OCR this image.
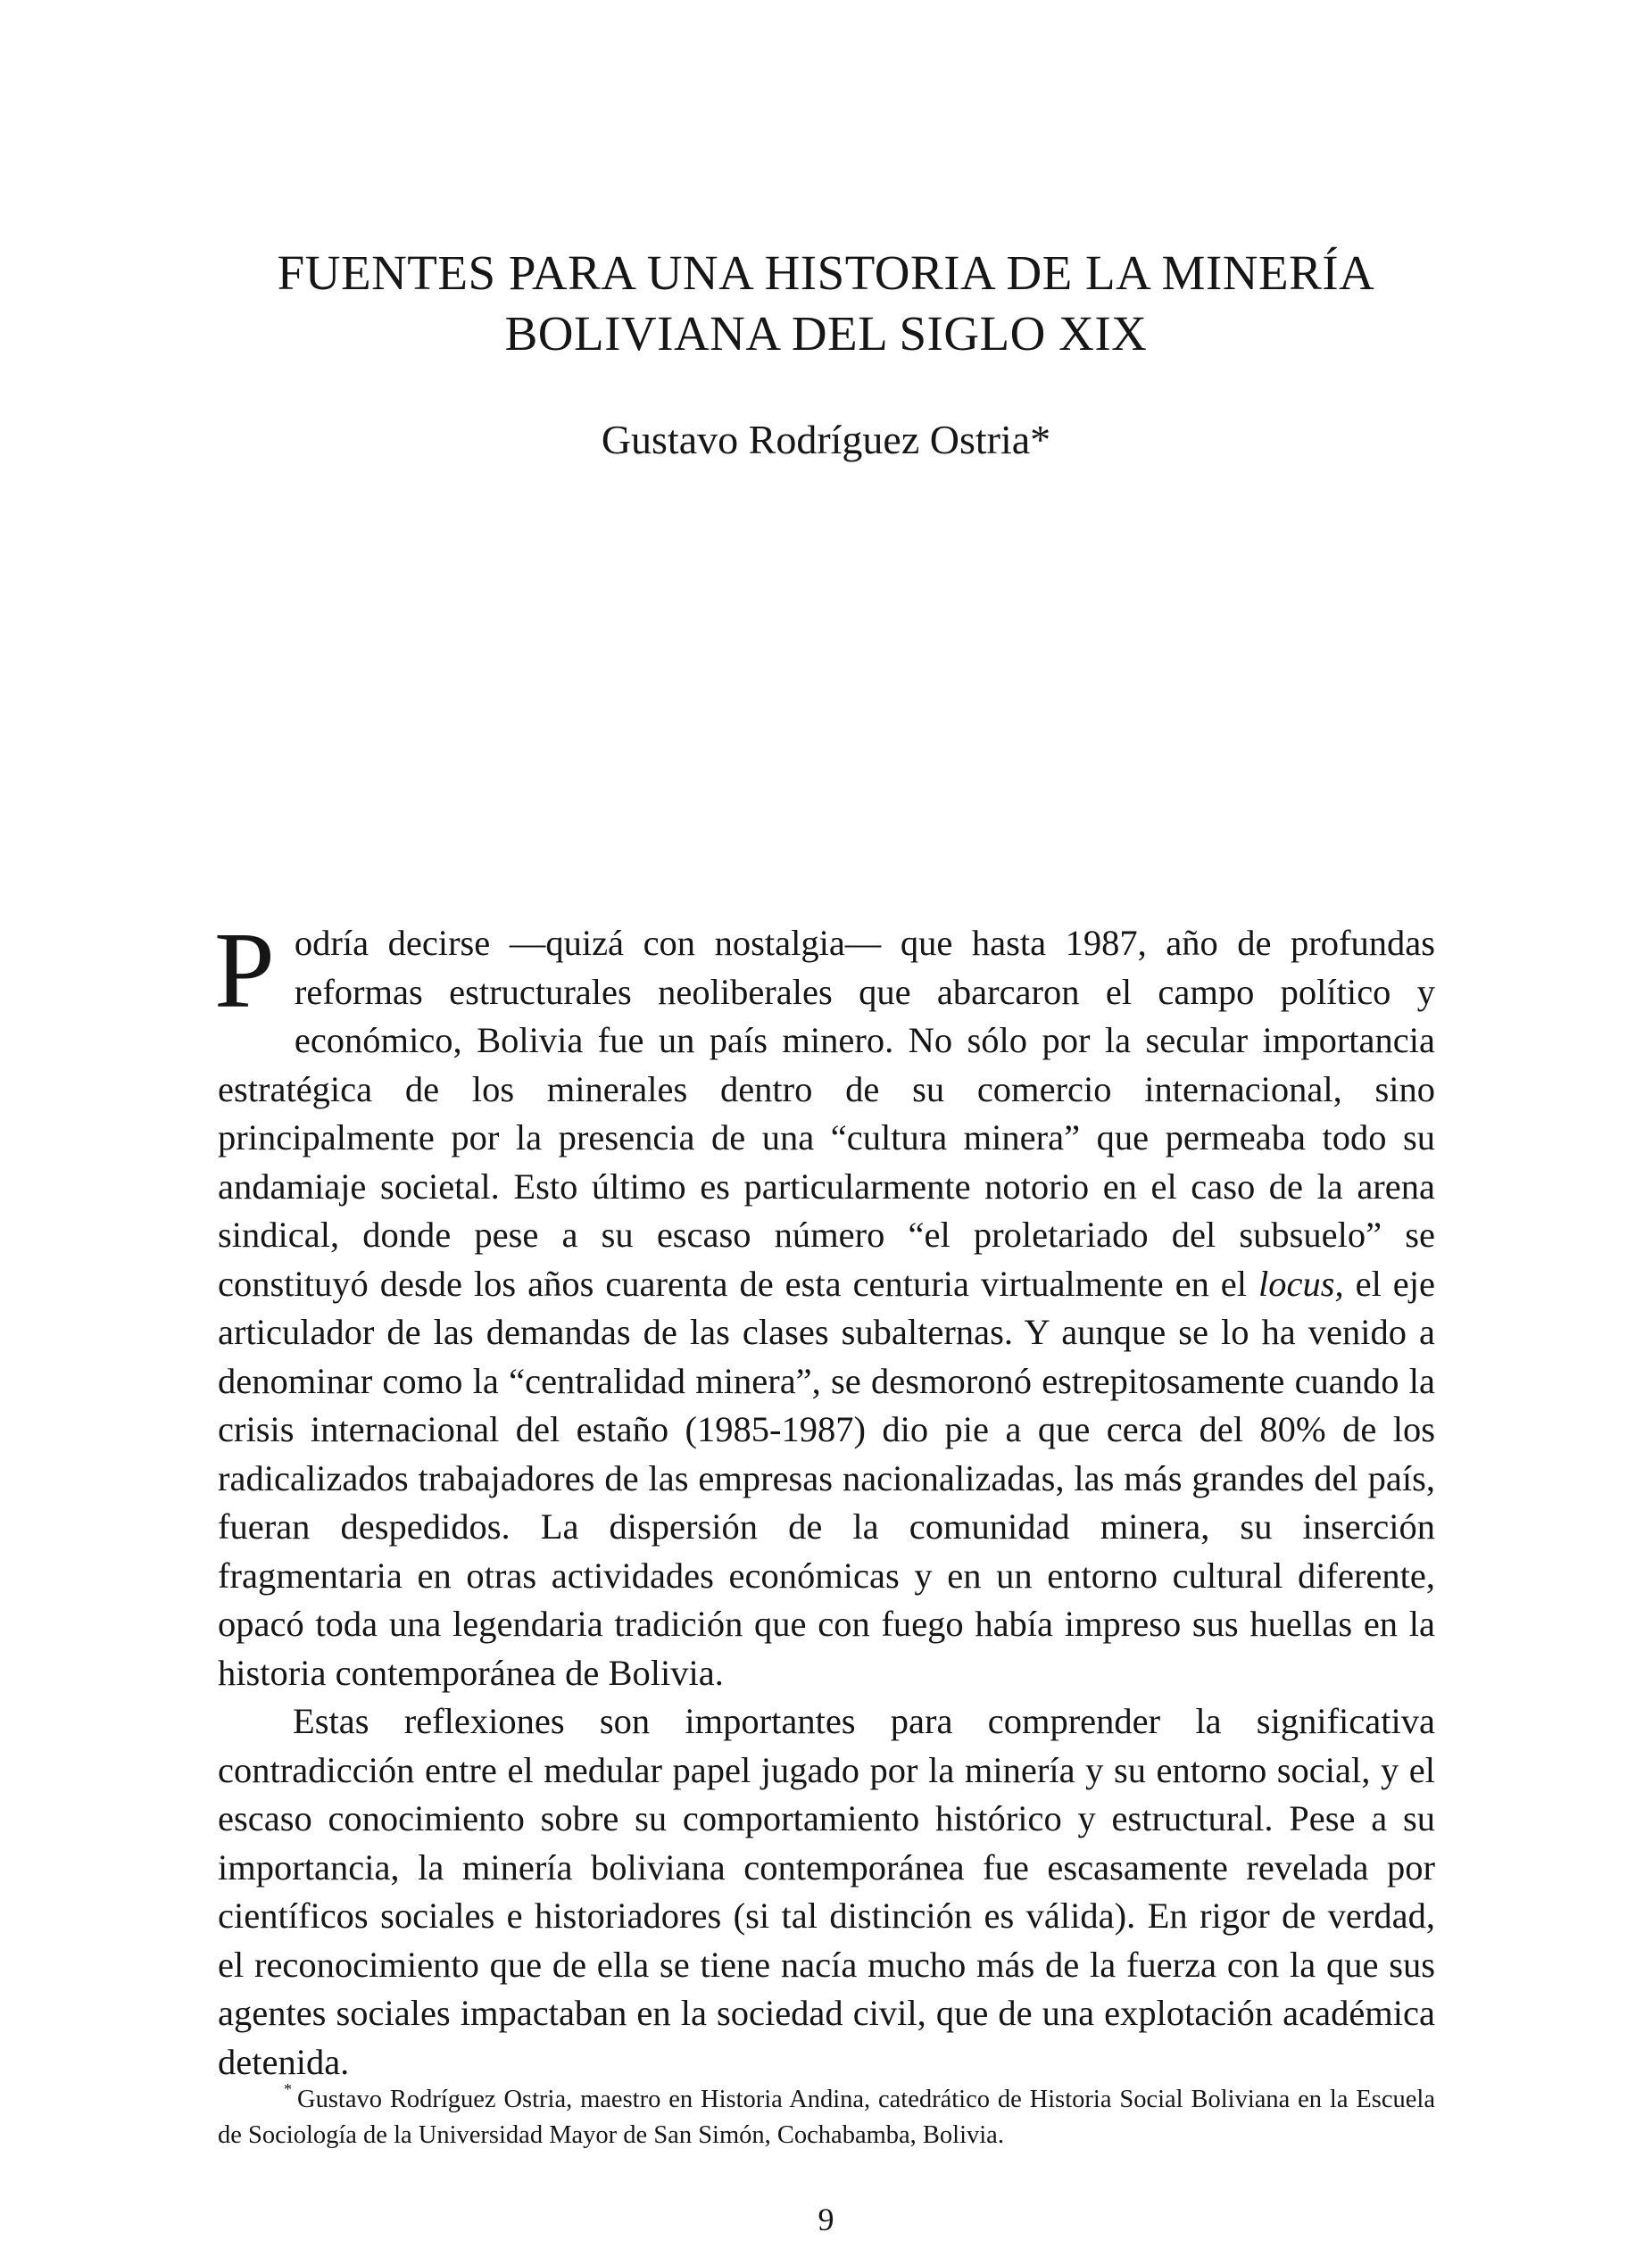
FUENTES PARA UNA HISTORIA DE LA MINERÍA
BOLIVIANA DEL SIGLO XIX
Gustavo Rodríguez Ostria*

Podría decirse —quizá con nostalgia— que hasta 1987, año de profundas reformas estructurales neoliberales que abarcaron el campo político y económico, Bolivia fue un país minero. No sólo por la secular importancia estratégica de los minerales dentro de su comercio internacional, sino principalmente por la presencia de una “cultura minera” que permeaba todo su andamiaje societal. Esto último es particularmente notorio en el caso de la arena sindical, donde pese a su escaso número “el proletariado del subsuelo” se constituyó desde los años cuarenta de esta centuria virtualmente en el locus, el eje articulador de las demandas de las clases subalternas. Y aunque se lo ha venido a denominar como la “centralidad minera”, se desmoronó estrepitosamente cuando la crisis internacional del estaño (1985-1987) dio pie a que cerca del 80% de los radicalizados trabajadores de las empresas nacionalizadas, las más grandes del país, fueran despedidos. La dispersión de la comunidad minera, su inserción fragmentaria en otras actividades económicas y en un entorno cultural diferente, opacó toda una legendaria tradición que con fuego había impreso sus huellas en la historia contemporánea de Bolivia.

Estas reflexiones son importantes para comprender la significativa contradicción entre el medular papel jugado por la minería y su entorno social, y el escaso conocimiento sobre su comportamiento histórico y estructural. Pese a su importancia, la minería boliviana contemporánea fue escasamente revelada por científicos sociales e historiadores (si tal distinción es válida). En rigor de verdad, el reconocimiento que de ella se tiene nacía mucho más de la fuerza con la que sus agentes sociales impactaban en la sociedad civil, que de una explotación académica detenida.

* Gustavo Rodríguez Ostria, maestro en Historia Andina, catedrático de Historia Social Boliviana en la Escuela de Sociología de la Universidad Mayor de San Simón, Cochabamba, Bolivia.
9
